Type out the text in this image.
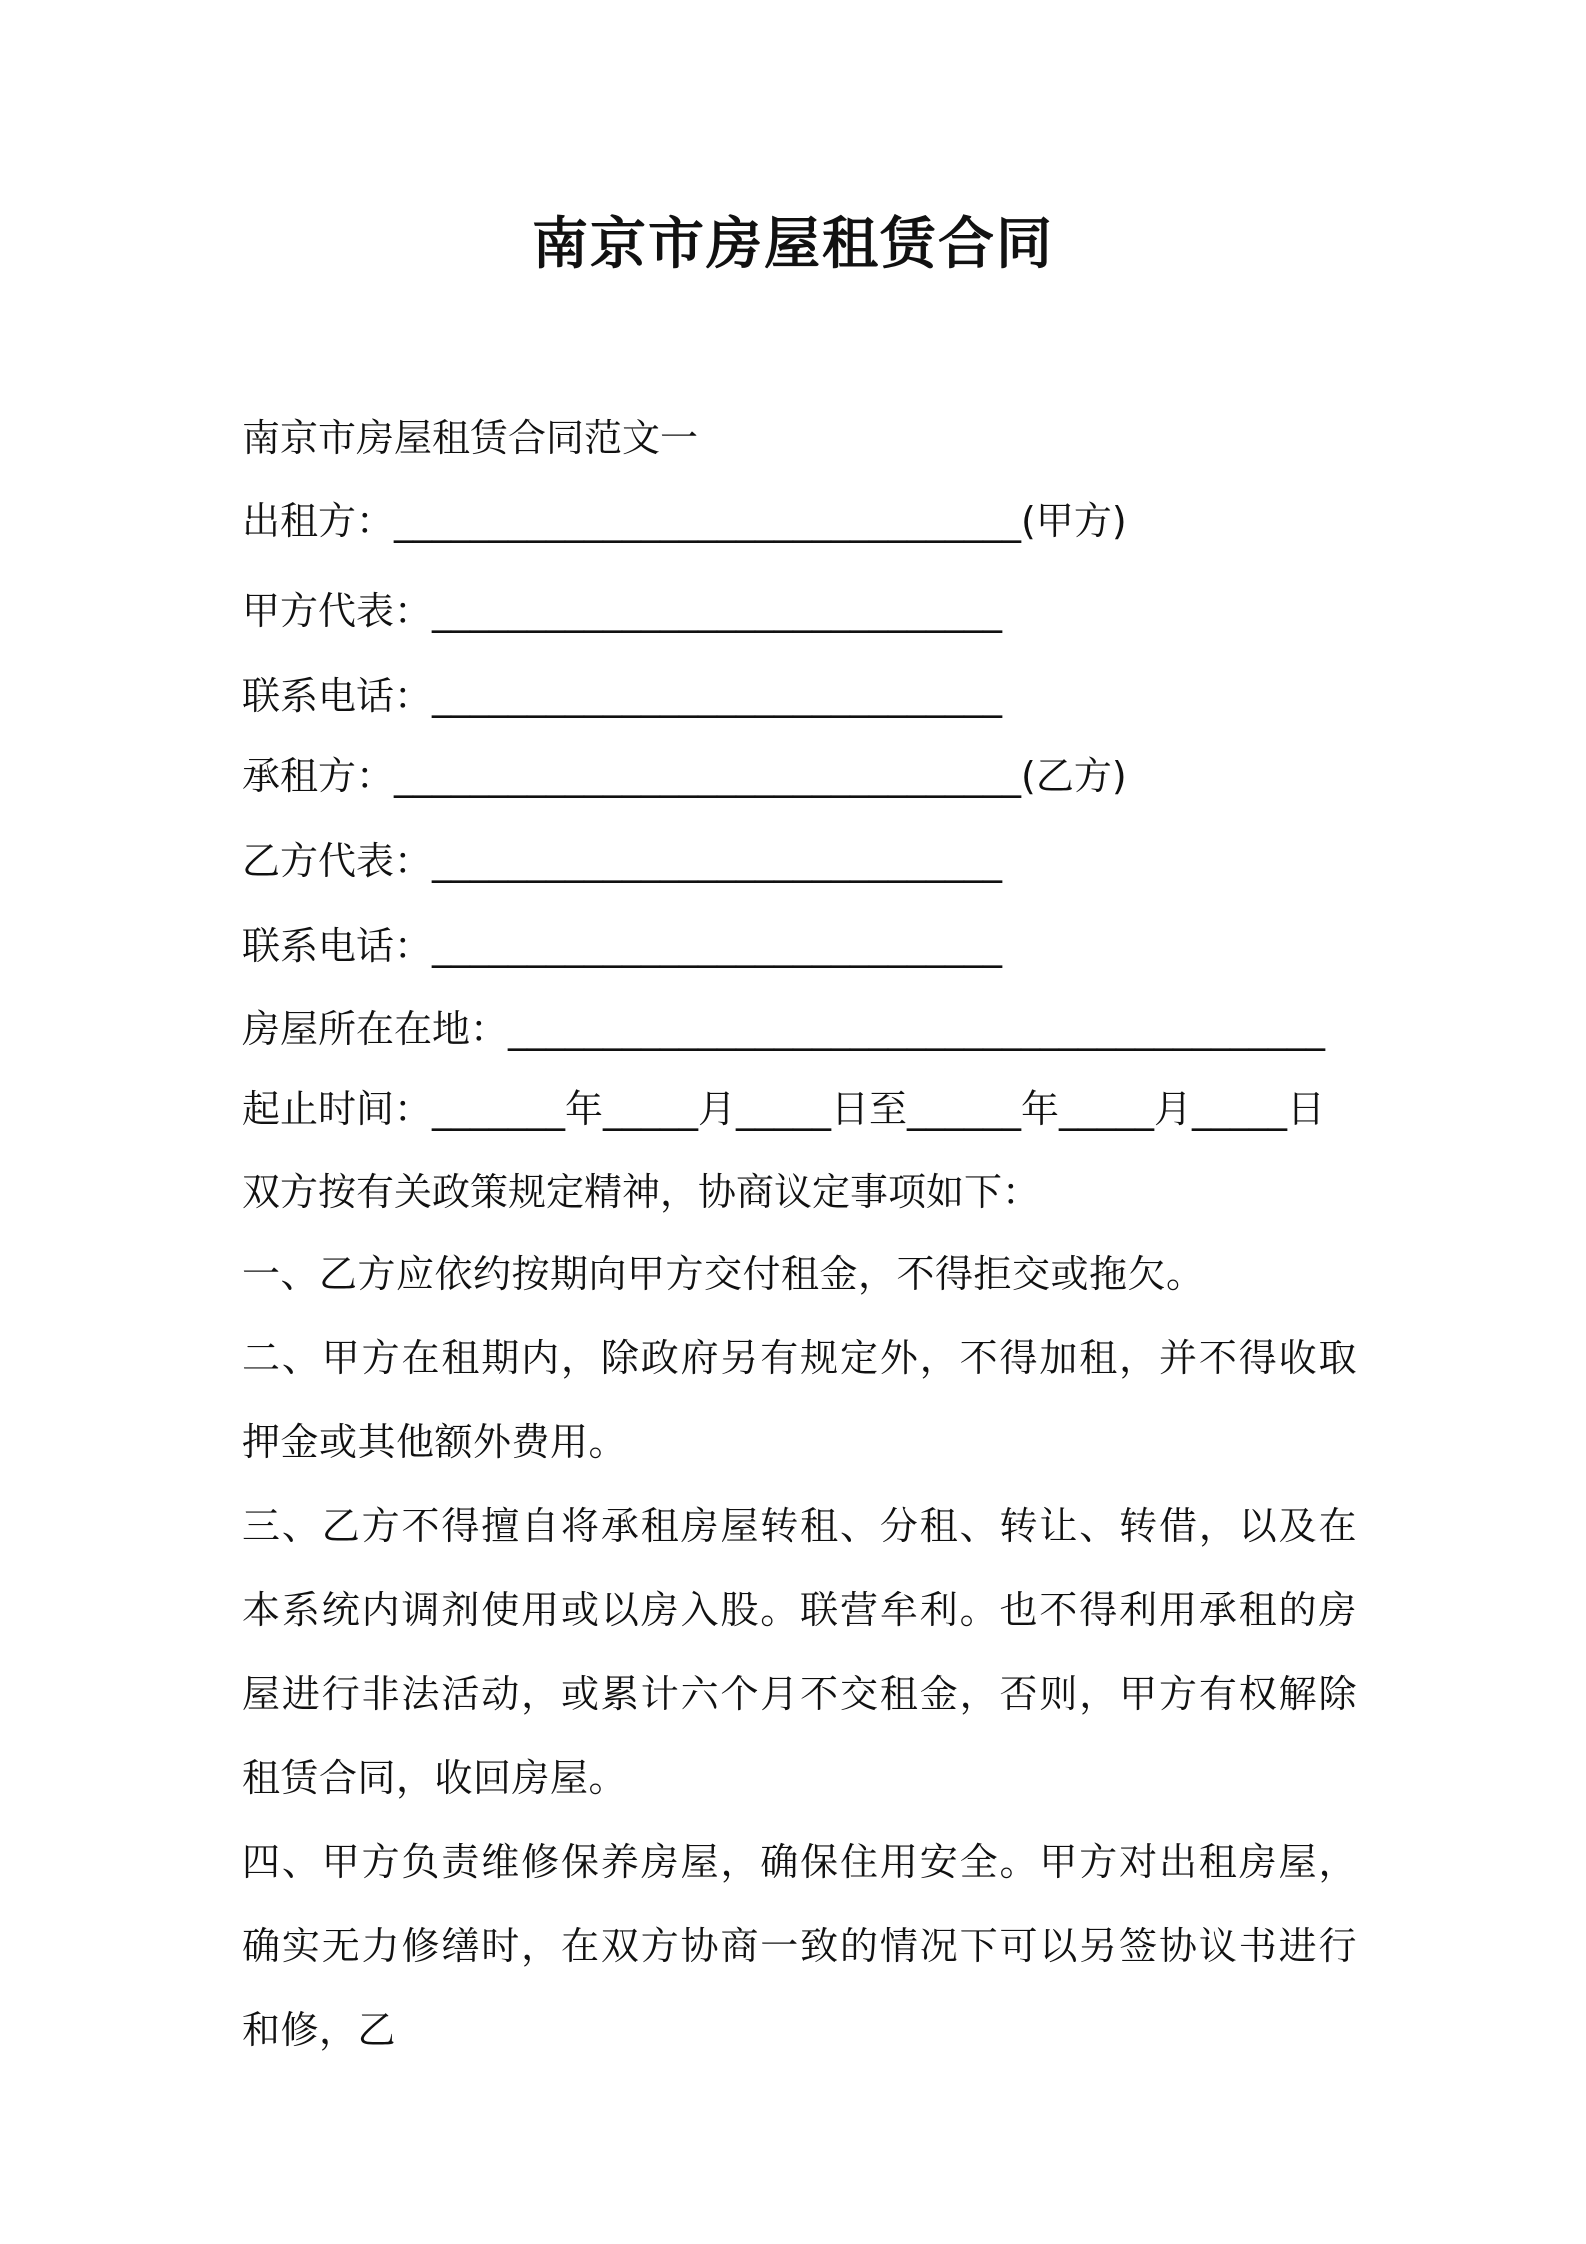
南京市房屋租赁合同

南京市房屋租赁合同范文一

出租方：_________________________________(甲方)

甲方代表：______________________________

联系电话：______________________________

承租方：_________________________________(乙方)

乙方代表：______________________________

联系电话：______________________________

房屋所在在地：___________________________________________

起止时间：_______年_____月_____日至______年_____月_____日

双方按有关政策规定精神，协商议定事项如下：

一、乙方应依约按期向甲方交付租金，不得拒交或拖欠。

二、甲方在租期内，除政府另有规定外，不得加租，并不得收取押金或其他额外费用。

三、乙方不得擅自将承租房屋转租、分租、转让、转借，以及在本系统内调剂使用或以房入股。联营牟利。也不得利用承租的房屋进行非法活动，或累计六个月不交租金，否则，甲方有权解除租赁合同，收回房屋。

四、甲方负责维修保养房屋，确保住用安全。甲方对出租房屋，确实无力修缮时，在双方协商一致的情况下可以另签协议书进行和修，乙
